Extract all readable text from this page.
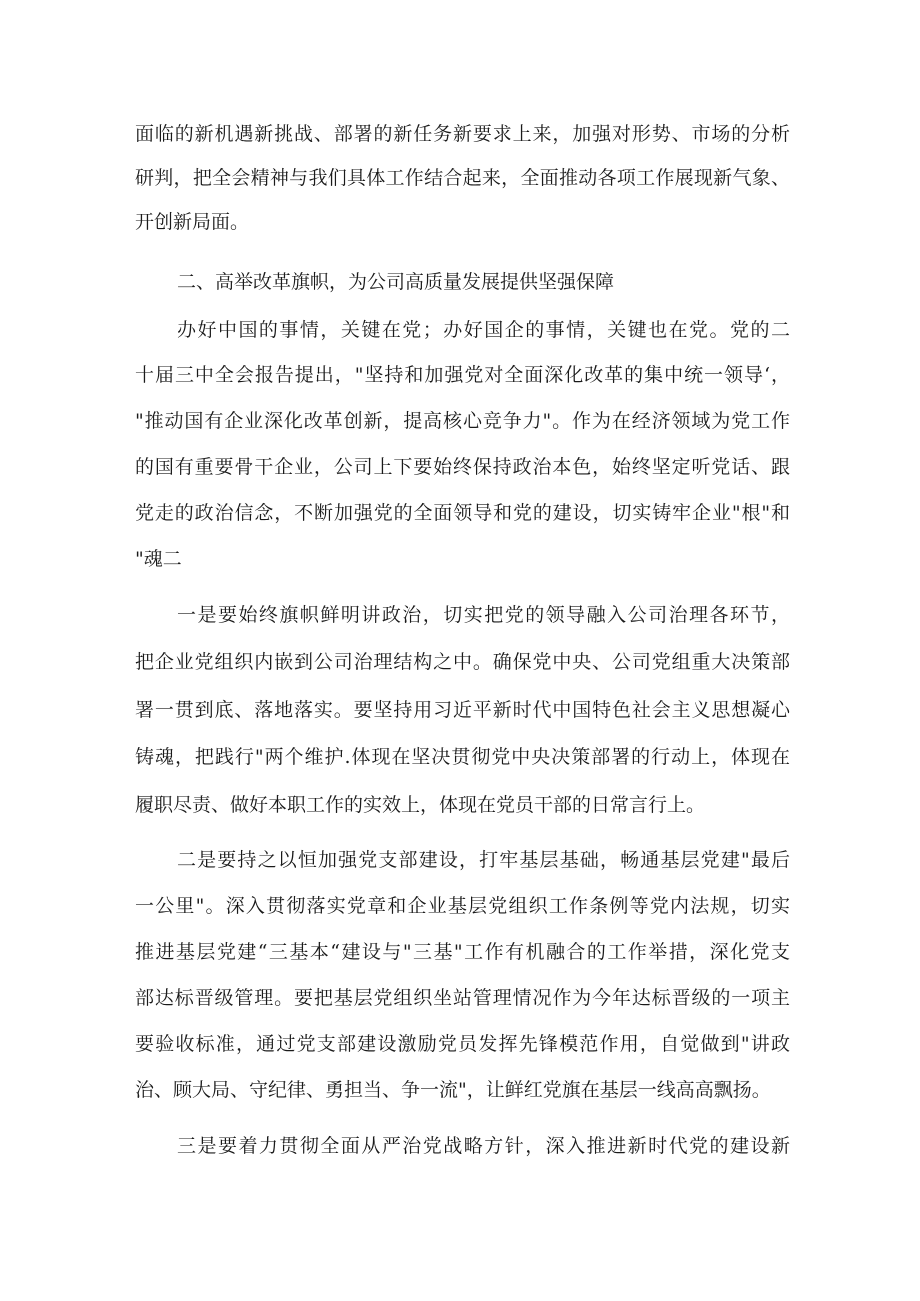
面临的新机遇新挑战、部署的新任务新要求上来，加强对形势、市场的分析
研判，把全会精神与我们具体工作结合起来，全面推动各项工作展现新气象、
开创新局面。
二、高举改革旗帜，为公司高质量发展提供坚强保障
办好中国的事情，关键在党；办好国企的事情，关键也在党。党的二
十届三中全会报告提出，"坚持和加强党对全面深化改革的集中统一领导‘，
"推动国有企业深化改革创新，提高核心竞争力"。作为在经济领域为党工作
的国有重要骨干企业，公司上下要始终保持政治本色，始终坚定听党话、跟
党走的政治信念，不断加强党的全面领导和党的建设，切实铸牢企业"根"和
"魂二
一是要始终旗帜鲜明讲政治，切实把党的领导融入公司治理各环节，
把企业党组织内嵌到公司治理结构之中。确保党中央、公司党组重大决策部
署一贯到底、落地落实。要坚持用习近平新时代中国特色社会主义思想凝心
铸魂，把践行"两个维护.体现在坚决贯彻党中央决策部署的行动上，体现在
履职尽责、做好本职工作的实效上，体现在党员干部的日常言行上。
二是要持之以恒加强党支部建设，打牢基层基础，畅通基层党建"最后
一公里"。深入贯彻落实党章和企业基层党组织工作条例等党内法规，切实
推进基层党建“三基本“建设与"三基"工作有机融合的工作举措，深化党支
部达标晋级管理。要把基层党组织坐站管理情况作为今年达标晋级的一项主
要验收标准，通过党支部建设激励党员发挥先锋模范作用，自觉做到"讲政
治、顾大局、守纪律、勇担当、争一流"，让鲜红党旗在基层一线高高飘扬。
三是要着力贯彻全面从严治党战略方针，深入推进新时代党的建设新
